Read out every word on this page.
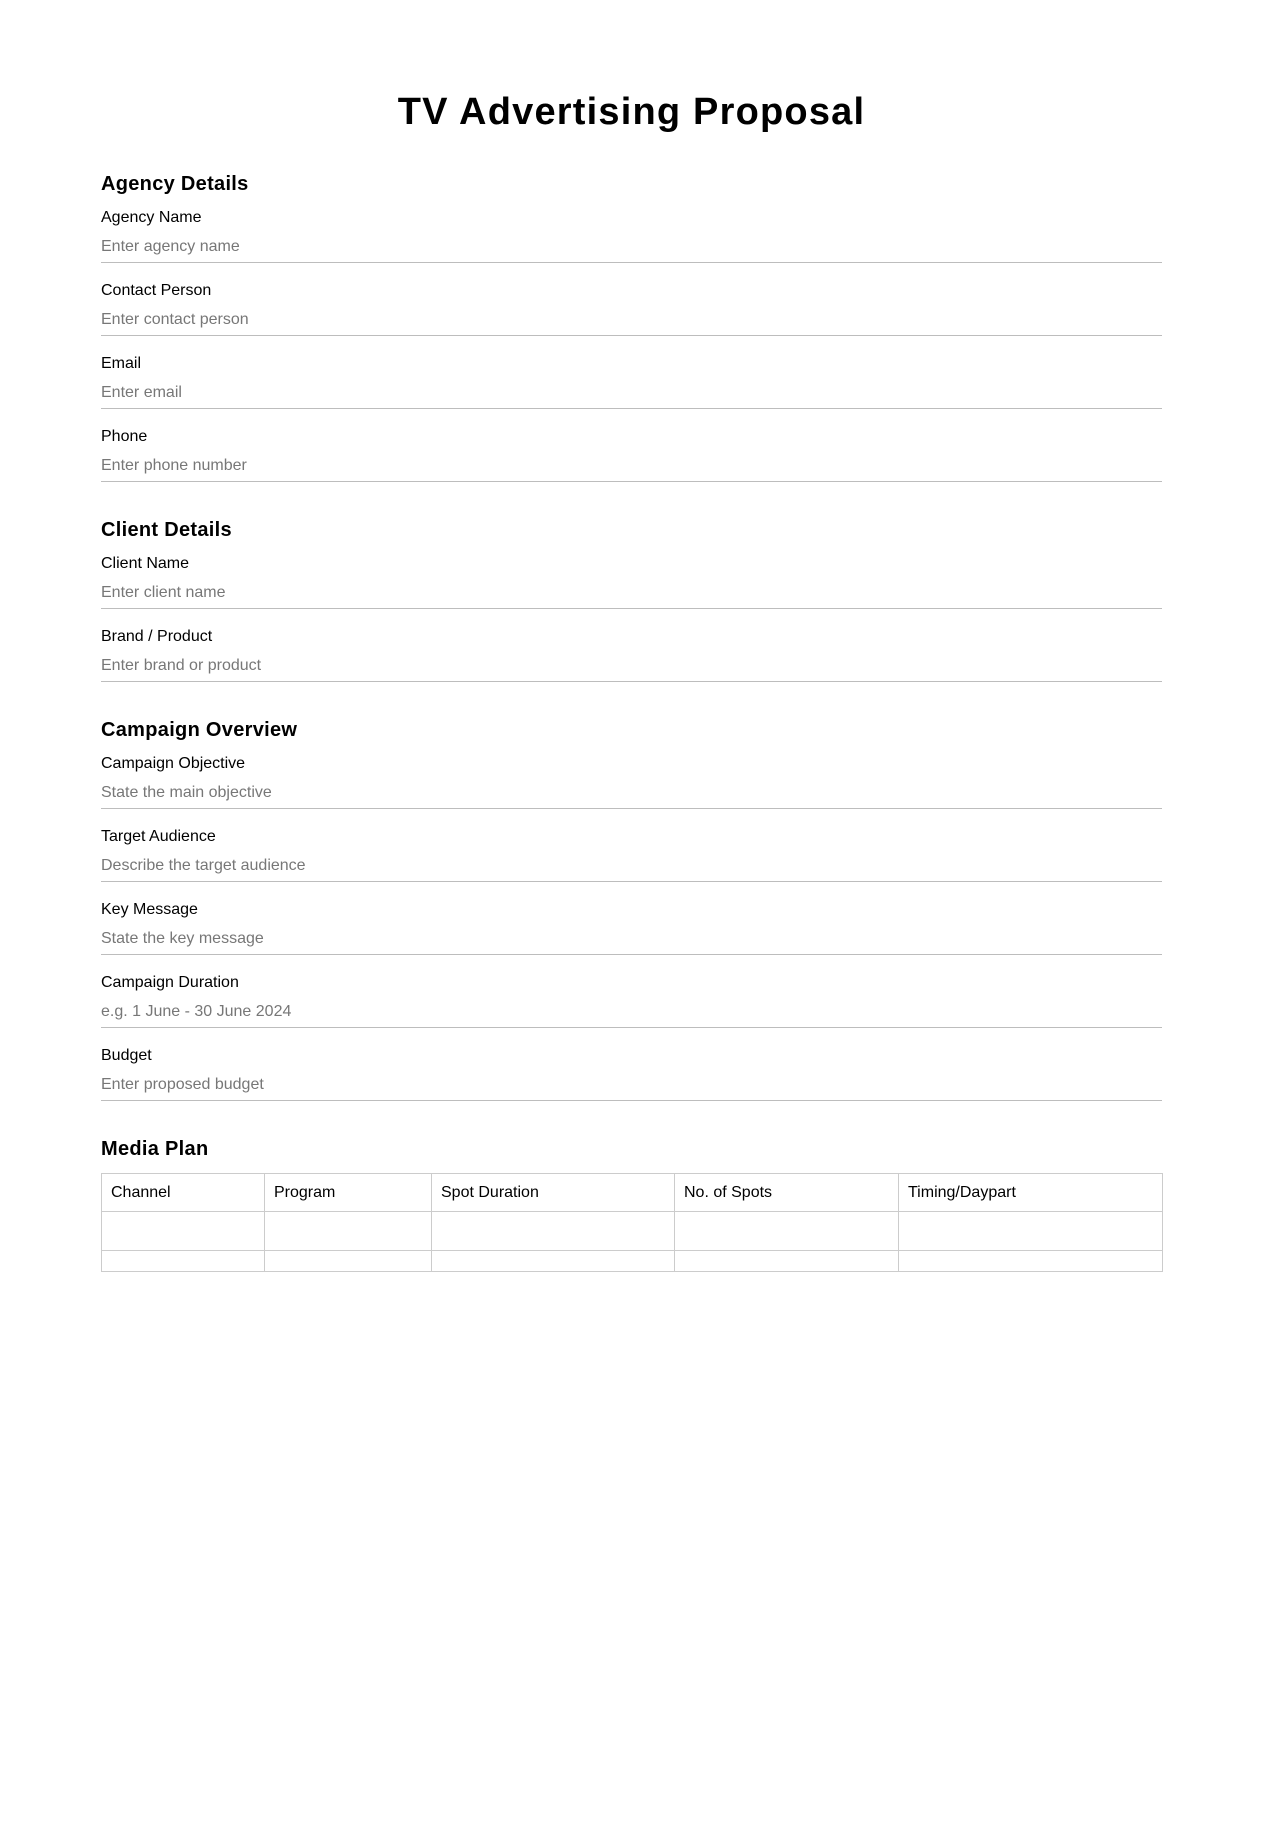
TV Advertising Proposal
Agency Details
Agency Name
Enter agency name
Contact Person
Enter contact person
Email
Enter email
Phone
Enter phone number
Client Details
Client Name
Enter client name
Brand / Product
Enter brand or product
Campaign Overview
Campaign Objective
State the main objective
Target Audience
Describe the target audience
Key Message
State the key message
Campaign Duration
e.g. 1 June - 30 June 2024
Budget
Enter proposed budget
Media Plan
Channel	Program	Spot Duration	No. of Spots	Timing/Daypart
